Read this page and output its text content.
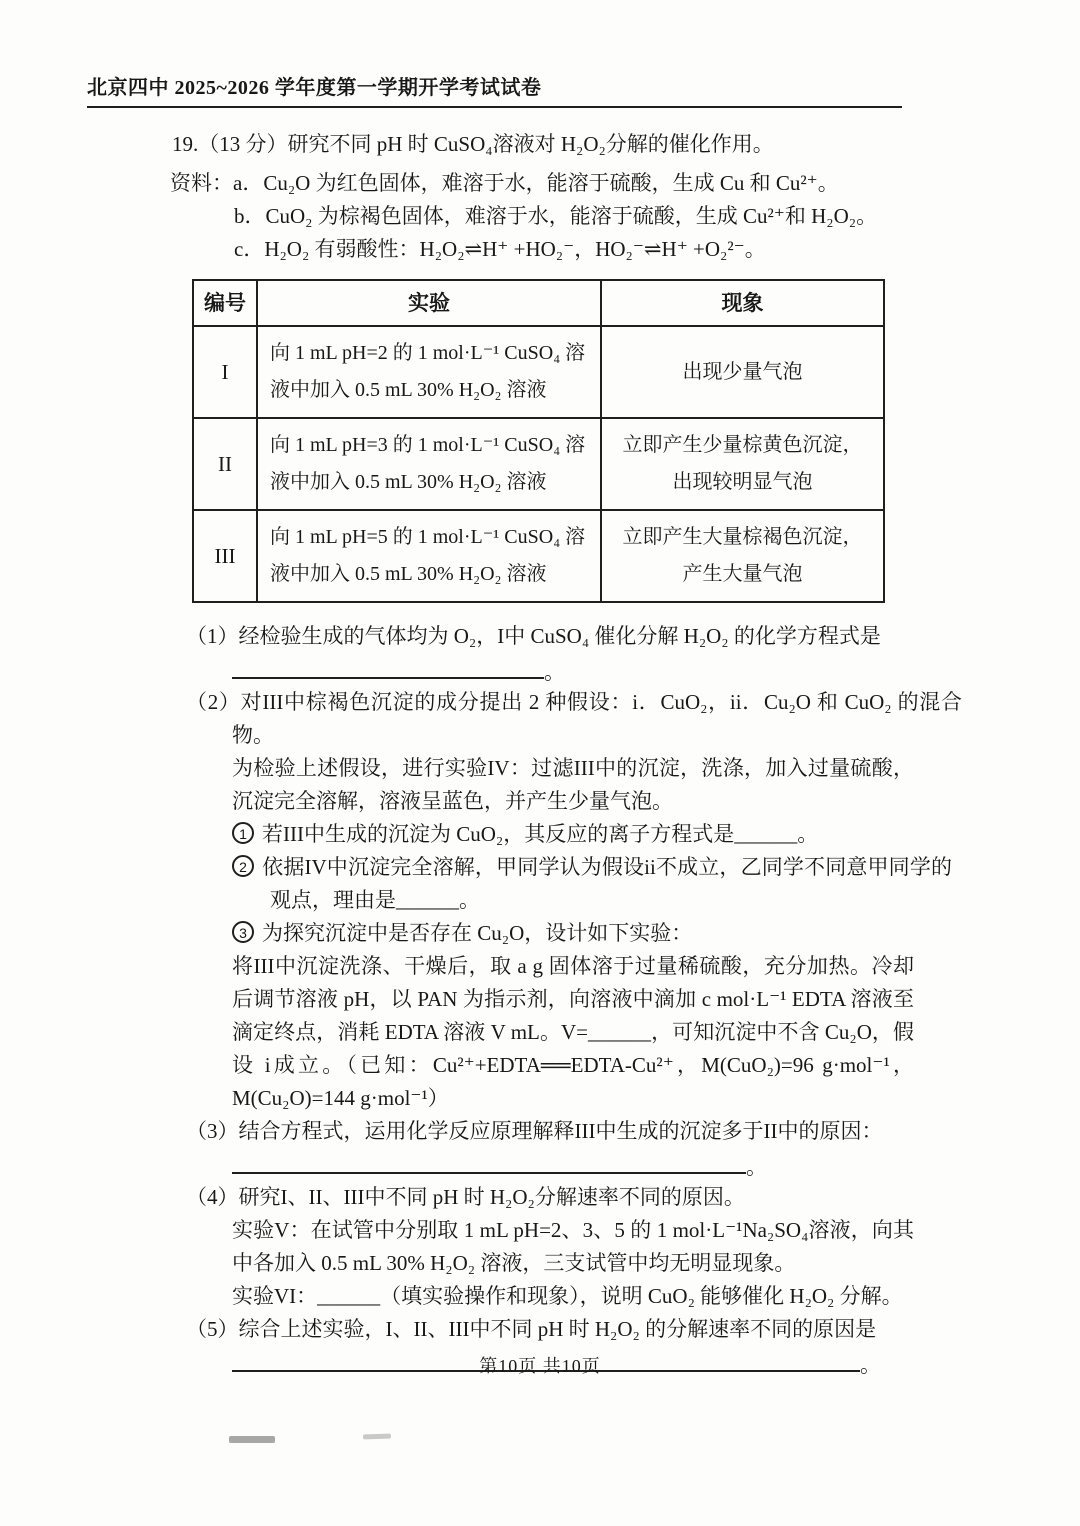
北京四中 2025~2026 学年度第一学期开学考试试卷
19.（13 分）研究不同 pH 时 CuSO₄溶液对 H₂O₂分解的催化作用。
资料：a．Cu₂O 为红色固体，难溶于水，能溶于硫酸，生成 Cu 和 Cu²⁺。
b．CuO₂ 为棕褐色固体，难溶于水，能溶于硫酸，生成 Cu²⁺和 H₂O₂。
c．H₂O₂ 有弱酸性：H₂O₂⇌H⁺ +HO₂⁻，HO₂⁻⇌H⁺ +O₂²⁻。
编号	实验	现象
I	向 1 mL pH=2 的 1 mol·L⁻¹ CuSO₄ 溶液中加入 0.5 mL 30% H₂O₂ 溶液	出现少量气泡

II	向 1 mL pH=3 的 1 mol·L⁻¹ CuSO₄ 溶液中加入 0.5 mL 30% H₂O₂ 溶液	立即产生少量棕黄色沉淀，
出现较明显气泡

III	向 1 mL pH=5 的 1 mol·L⁻¹ CuSO₄ 溶液中加入 0.5 mL 30% H₂O₂ 溶液	立即产生大量棕褐色沉淀，
产生大量气泡
（1）经检验生成的气体均为 O₂，I中 CuSO₄ 催化分解 H₂O₂ 的化学方程式是
。
（2）对III中棕褐色沉淀的成分提出 2 种假设：i．CuO₂，ii．Cu₂O 和 CuO₂ 的混合物。
为检验上述假设，进行实验IV：过滤III中的沉淀，洗涤，加入过量硫酸，沉淀完全溶解，溶液呈蓝色，并产生少量气泡。
1 若III中生成的沉淀为 CuO₂，其反应的离子方程式是______。
2 依据IV中沉淀完全溶解，甲同学认为假设ii不成立，乙同学不同意甲同学的观点，理由是______。
3 为探究沉淀中是否存在 Cu₂O，设计如下实验：
将III中沉淀洗涤、干燥后，取 a g 固体溶于过量稀硫酸，充分加热。冷却后调节溶液 pH，以 PAN 为指示剂，向溶液中滴加 c mol·L⁻¹ EDTA 溶液至滴定终点，消耗 EDTA 溶液 V mL。V=______，可知沉淀中不含 Cu₂O，假设 i成立。（已知：Cu²⁺+EDTA══EDTA-Cu²⁺，M(CuO₂)=96 g·mol⁻¹，M(Cu₂O)=144 g·mol⁻¹）
（3）结合方程式，运用化学反应原理解释III中生成的沉淀多于II中的原因：
。
（4）研究I、II、III中不同 pH 时 H₂O₂分解速率不同的原因。
实验V：在试管中分别取 1 mL pH=2、3、5 的 1 mol·L⁻¹Na₂SO₄溶液，向其中各加入 0.5 mL 30% H₂O₂ 溶液，三支试管中均无明显现象。
实验VI：______（填实验操作和现象），说明 CuO₂ 能够催化 H₂O₂ 分解。
（5）综合上述实验，I、II、III中不同 pH 时 H₂O₂ 的分解速率不同的原因是
。
第10页 共10页
